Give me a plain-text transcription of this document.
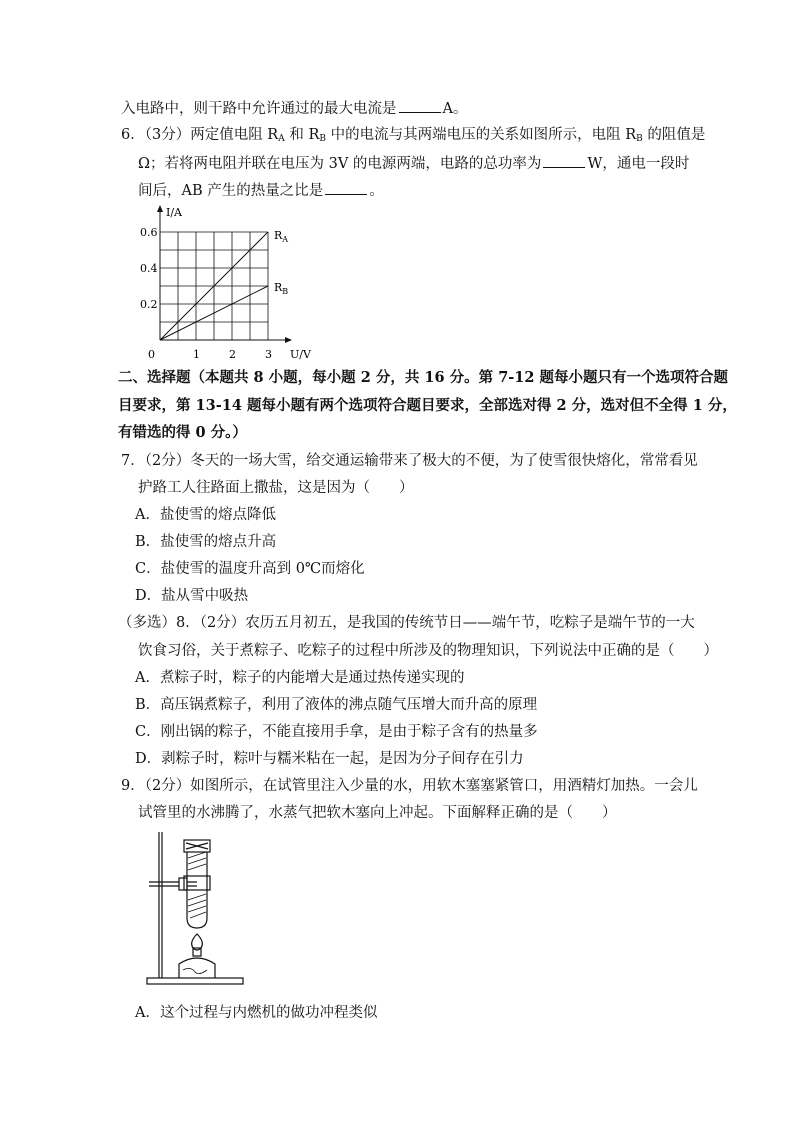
入电路中，则干路中允许通过的最大电流是	A。
6．（3分）两定值电阻 $R_A$ 和 $R_B$ 中的电流与其两端电压的关系如图所示，电阻 $R_B$ 的阻值是
Ω；若将两电阻并联在电压为 3V 的电源两端，电路的总功率为	W，通电一段时
间后，AB 产生的热量之比是	。
I/A
U/V
0.6
0.4
0.2
0	1	2	3
$R_A$
$R_B$
二、选择题（本题共 8 小题，每小题 2 分，共 16 分。第 7-12 题每小题只有一个选项符合题
目要求，第 13-14 题每小题有两个选项符合题目要求，全部选对得 2 分，选对但不全得 1 分，
有错选的得 0 分。）
7．（2分）冬天的一场大雪，给交通运输带来了极大的不便，为了使雪很快熔化，常常看见
护路工人往路面上撒盐，这是因为（　　）
A．盐使雪的熔点降低
B．盐使雪的熔点升高
C．盐使雪的温度升高到 0℃而熔化
D．盐从雪中吸热
（多选）8．（2分）农历五月初五，是我国的传统节日——端午节，吃粽子是端午节的一大
饮食习俗，关于煮粽子、吃粽子的过程中所涉及的物理知识，下列说法中正确的是（　　）
A．煮粽子时，粽子的内能增大是通过热传递实现的
B．高压锅煮粽子，利用了液体的沸点随气压增大而升高的原理
C．刚出锅的粽子，不能直接用手拿，是由于粽子含有的热量多
D．剥粽子时，粽叶与糯米粘在一起，是因为分子间存在引力
9．（2分）如图所示，在试管里注入少量的水，用软木塞塞紧管口，用酒精灯加热。一会儿
试管里的水沸腾了，水蒸气把软木塞向上冲起。下面解释正确的是（　　）
A．这个过程与内燃机的做功冲程类似
